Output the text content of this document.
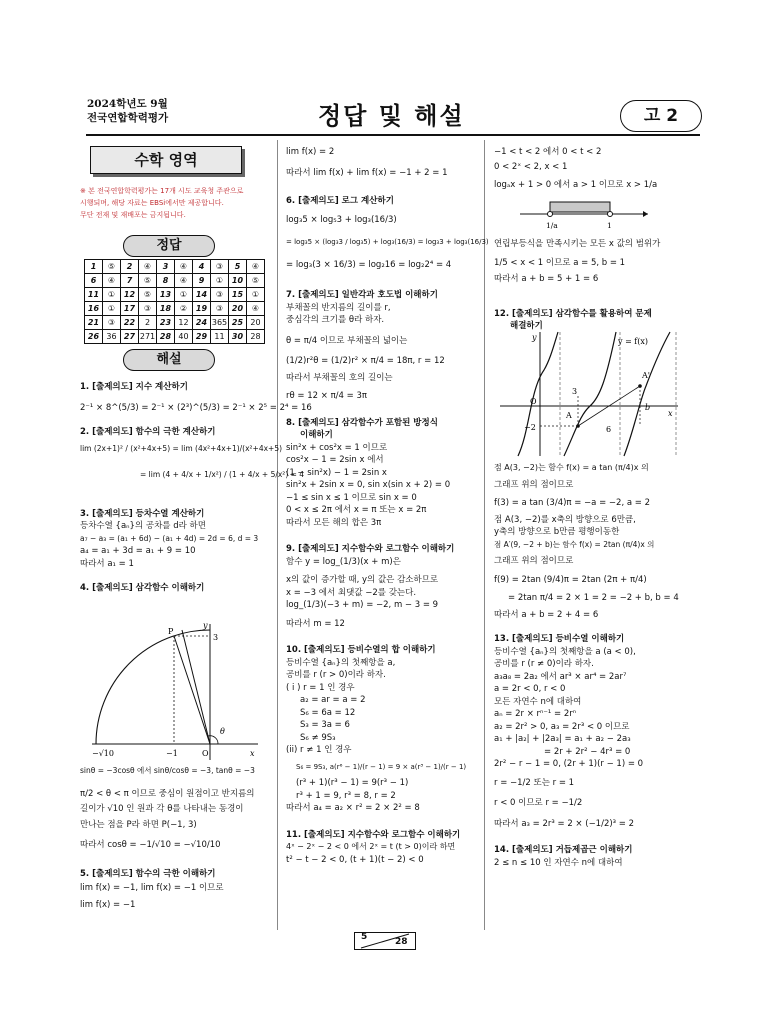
2024학년도 9월
전국연합학력평가	정답 및 해설	고 2
수학 영역
※ 본 전국연합학력평가는 17개 시도 교육청 주관으로
시행되며, 해당 자료는 EBSi에서만 제공합니다.
무단 전재 및 재배포는 금지됩니다.
정답
1	⑤	2	④	3	④	4	③	5	④
6	④	7	⑤	8	④	9	①	10	⑤
11	①	12	⑤	13	①	14	③	15	①
16	①	17	③	18	②	19	③	20	④
21	③	22	2	23	12	24	365	25	20
26	36	27	271	28	40	29	11	30	28
해설
1. [출제의도] 지수 계산하기
2⁻¹ × 8^(5/3) = 2⁻¹ × (2³)^(5/3) = 2⁻¹ × 2⁵ = 2⁴ = 16
2. [출제의도] 함수의 극한 계산하기
lim (2x+1)² / (x²+4x+5) = lim (4x²+4x+1)/(x²+4x+5)
= lim (4 + 4/x + 1/x²) / (1 + 4/x + 5/x²) = 4
3. [출제의도] 등차수열 계산하기
등차수열 {aₙ}의 공차를 d라 하면
a₇ − a₃ = (a₁ + 6d) − (a₁ + 4d) = 2d = 6, d = 3
a₄ = a₁ + 3d = a₁ + 9 = 10
따라서 a₁ = 1
4. [출제의도] 삼각함수 이해하기
y
P
3
θ
−√10	−1	O	x
sinθ = −3cosθ 에서 sinθ/cosθ = −3, tanθ = −3
π/2 < θ < π 이므로 중심이 원점이고 반지름의
길이가 √10 인 원과 각 θ를 나타내는 동경이
만나는 점을 P라 하면 P(−1, 3)
따라서 cosθ = −1/√10 = −√10/10
5. [출제의도] 함수의 극한 이해하기
lim f(x) = −1, lim f(x) = −1 이므로
lim f(x) = −1
lim f(x) = 2
따라서 lim f(x) + lim f(x) = −1 + 2 = 1
6. [출제의도] 로그 계산하기
log₃5 × log₅3 + log₃(16/3)
= log₃5 × (log₃3 / log₃5) + log₃(16/3) = log₃3 + log₃(16/3)
= log₃(3 × 16/3) = log₂16 = log₂2⁴ = 4
7. [출제의도] 일반각과 호도법 이해하기
부채꼴의 반지름의 길이를 r,
중심각의 크기를 θ라 하자.
θ = π/4 이므로 부채꼴의 넓이는
(1/2)r²θ = (1/2)r² × π/4 = 18π, r = 12
따라서 부채꼴의 호의 길이는
rθ = 12 × π/4 = 3π
8. [출제의도] 삼각함수가 포함된 방정식
이해하기
sin²x + cos²x = 1 이므로
cos²x − 1 = 2sin x 에서
(1 − sin²x) − 1 = 2sin x
sin²x + 2sin x = 0, sin x(sin x + 2) = 0
−1 ≤ sin x ≤ 1 이므로 sin x = 0
0 < x ≤ 2π 에서 x = π 또는 x = 2π
따라서 모든 해의 합은 3π
9. [출제의도] 지수함수와 로그함수 이해하기
함수 y = log_(1/3)(x + m)은
x의 값이 증가할 때, y의 값은 감소하므로
x = −3 에서 최댓값 −2를 갖는다.
log_(1/3)(−3 + m) = −2, m − 3 = 9
따라서 m = 12
10. [출제의도] 등비수열의 합 이해하기
등비수열 {aₙ}의 첫째항을 a,
공비를 r (r > 0)이라 하자.
( i ) r = 1 인 경우
a₂ = ar = a = 2
S₆ = 6a = 12
S₃ = 3a = 6
S₆ ≠ 9S₃
(ii) r ≠ 1 인 경우
S₆ = 9S₃, a(r⁶ − 1)/(r − 1) = 9 × a(r³ − 1)/(r − 1)
(r³ + 1)(r³ − 1) = 9(r³ − 1)
r³ + 1 = 9, r³ = 8, r = 2
따라서 a₄ = a₂ × r² = 2 × 2² = 8
11. [출제의도] 지수함수와 로그함수 이해하기
4ˣ − 2ˣ − 2 < 0 에서 2ˣ = t (t > 0)이라 하면
t² − t − 2 < 0, (t + 1)(t − 2) < 0
−1 < t < 2 에서 0 < t < 2
0 < 2ˣ < 2, x < 1
logₐx + 1 > 0 에서 a > 1 이므로 x > 1/a
1/a	1
연립부등식을 만족시키는 모든 x 값의 범위가
1/5 < x < 1 이므로 a = 5, b = 1
따라서 a + b = 5 + 1 = 6
12. [출제의도] 삼각함수를 활용하여 문제
해결하기
y	y = f(x)
A'
3
O
A
b
−2	6
x
점 A(3, −2)는 함수 f(x) = a tan (π/4)x 의
그래프 위의 점이므로
f(3) = a tan (3/4)π = −a = −2, a = 2
점 A(3, −2)를 x축의 방향으로 6만큼,
y축의 방향으로 b만큼 평행이동한
점 A′(9, −2 + b)는 함수 f(x) = 2tan (π/4)x 의
그래프 위의 점이므로
f(9) = 2tan (9/4)π = 2tan (2π + π/4)
= 2tan π/4 = 2 × 1 = 2 = −2 + b, b = 4
따라서 a + b = 2 + 4 = 6
13. [출제의도] 등비수열 이해하기
등비수열 {aₙ}의 첫째항을 a (a < 0),
공비를 r (r ≠ 0)이라 하자.
a₃a₈ = 2a₂ 에서 ar³ × ar⁴ = 2ar⁷
a = 2r < 0, r < 0
모든 자연수 n에 대하여
aₙ = 2r × rⁿ⁻¹ = 2rⁿ
a₂ = 2r² > 0, a₃ = 2r³ < 0 이므로
a₁ + |a₂| + |2a₃| = a₁ + a₂ − 2a₃
= 2r + 2r² − 4r³ = 0
2r² − r − 1 = 0, (2r + 1)(r − 1) = 0
r = −1/2 또는 r = 1
r < 0 이므로 r = −1/2
따라서 a₃ = 2r³ = 2 × (−1/2)³ = 2
14. [출제의도] 거듭제곱근 이해하기
2 ≤ n ≤ 10 인 자연수 n에 대하여
5	28
